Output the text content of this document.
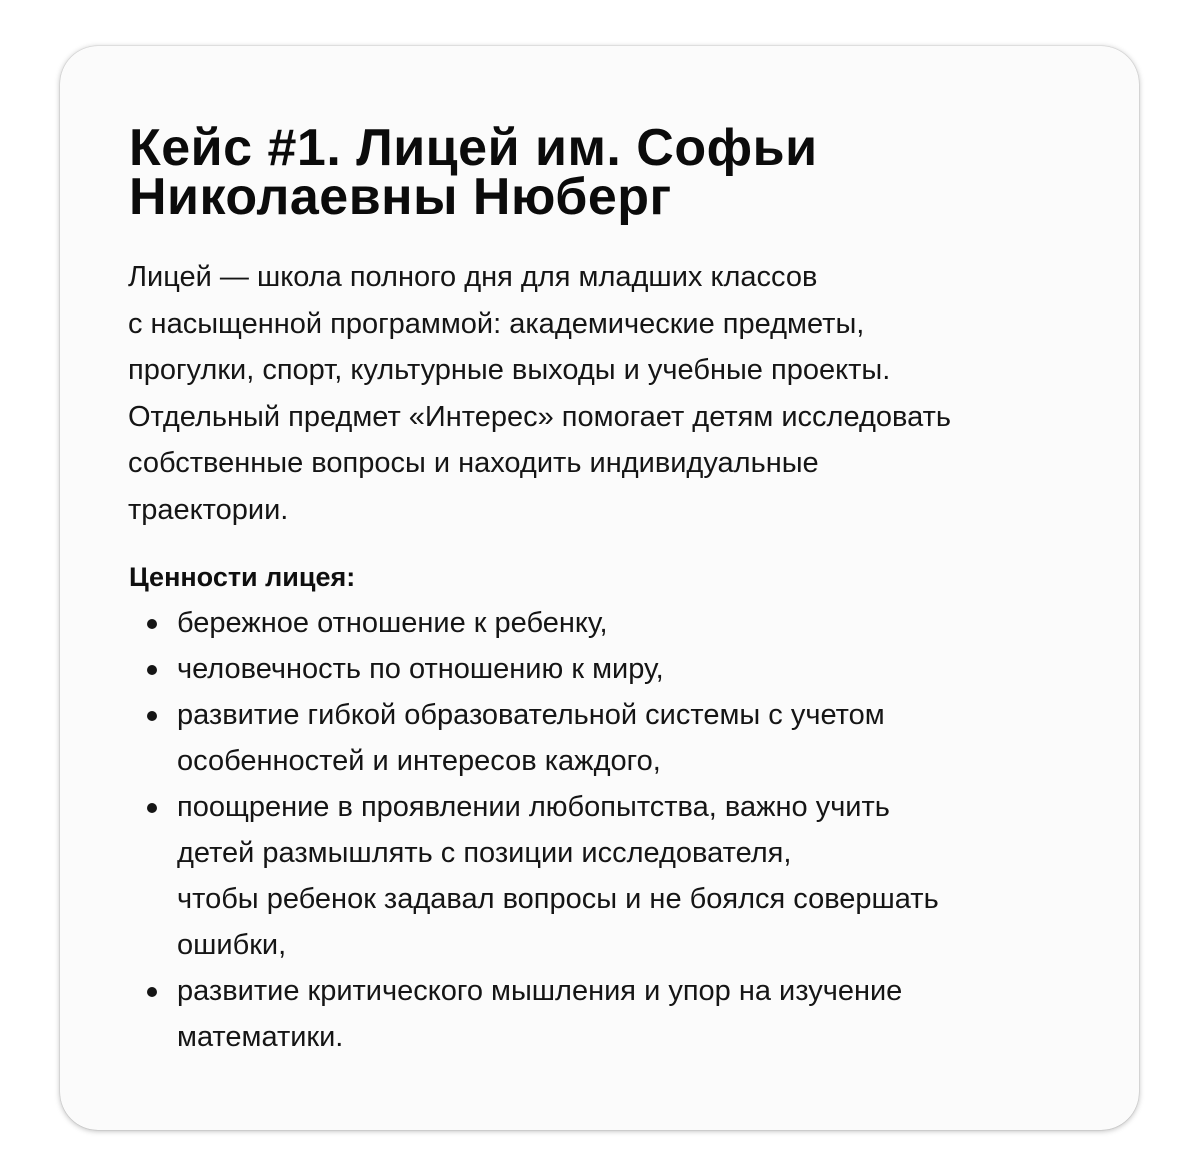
Кейс #1. Лицей им. Софьи
Николаевны Нюберг

Лицей — школа полного дня для младших классов
с насыщенной программой: академические предметы,
прогулки, спорт, культурные выходы и учебные проекты.
Отдельный предмет «Интерес» помогает детям исследовать
собственные вопросы и находить индивидуальные
траектории.

Ценности лицея:
бережное отношение к ребенку,
человечность по отношению к миру,
развитие гибкой образовательной системы с учетом
особенностей и интересов каждого,
поощрение в проявлении любопытства, важно учить
детей размышлять с позиции исследователя,
чтобы ребенок задавал вопросы и не боялся совершать
ошибки,
развитие критического мышления и упор на изучение
математики.
